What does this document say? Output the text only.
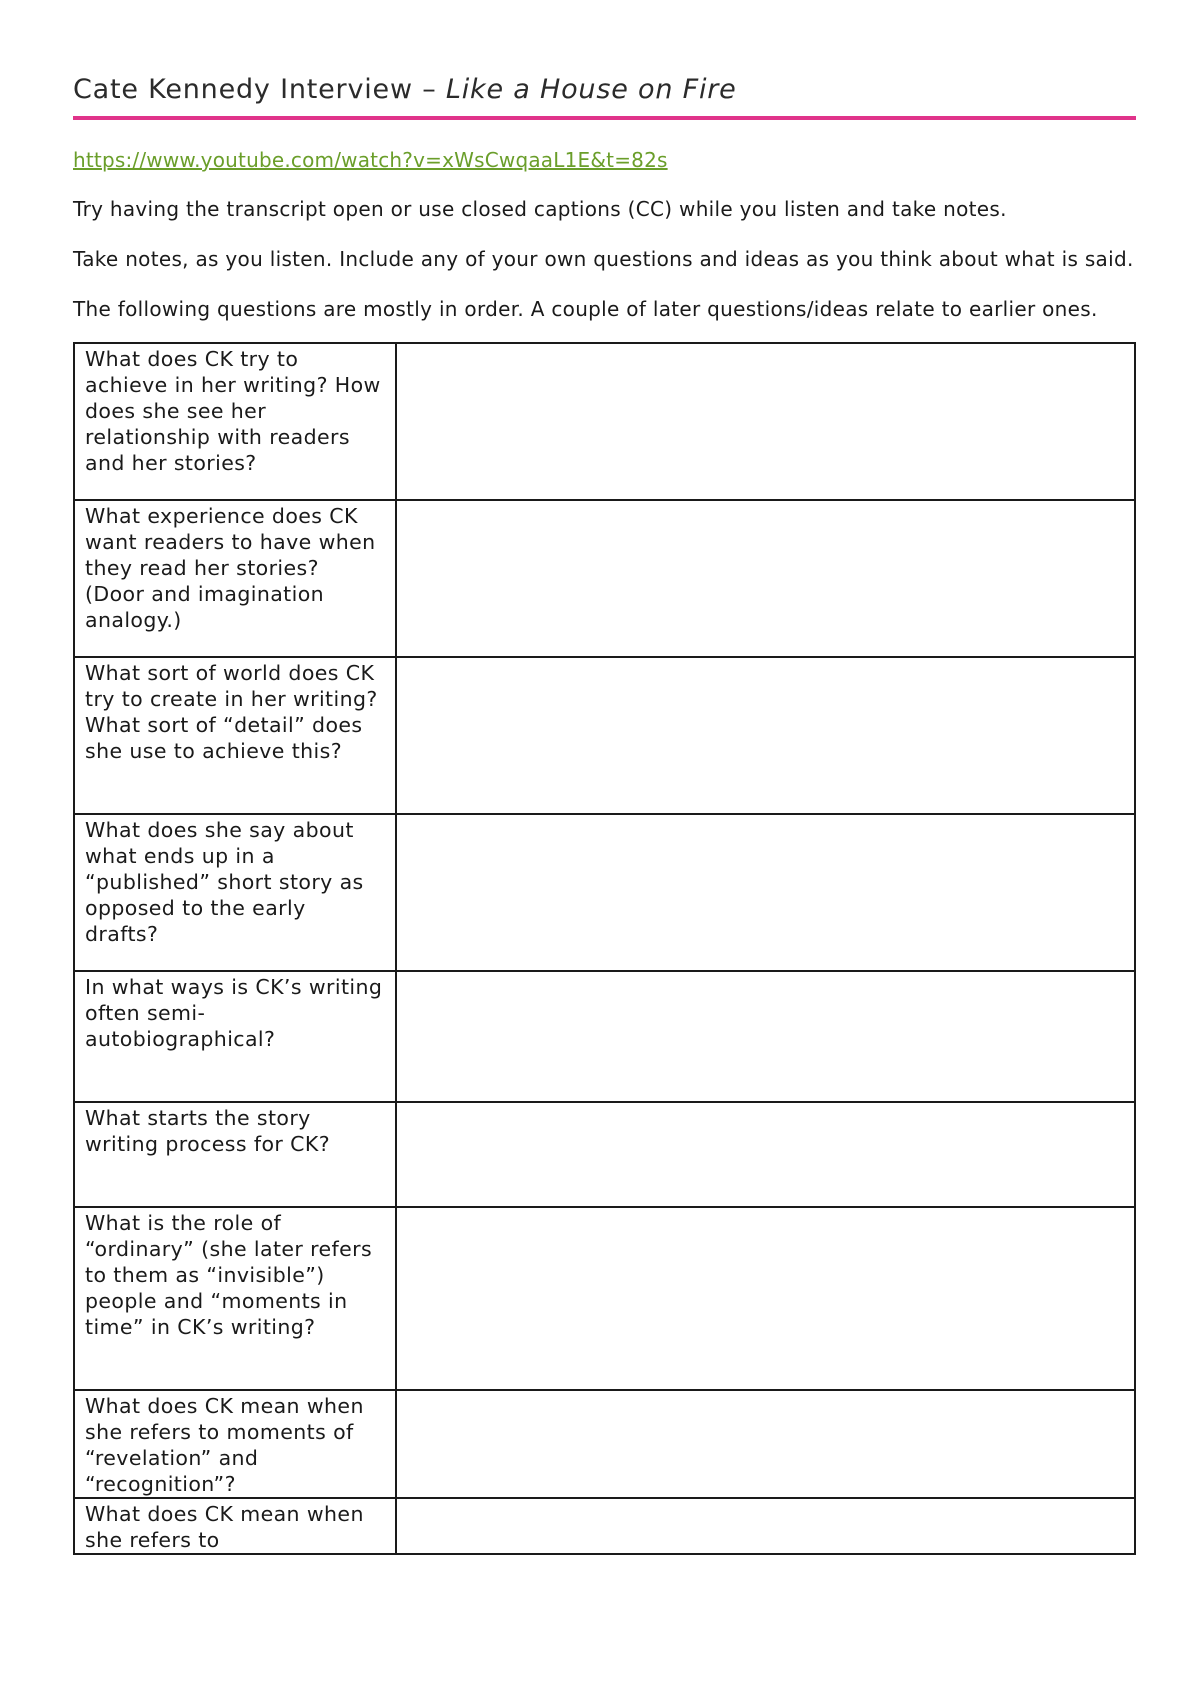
Cate Kennedy Interview – Like a House on Fire
https://www.youtube.com/watch?v=xWsCwqaaL1E&t=82s

Try having the transcript open or use closed captions (CC) while you listen and take notes.

Take notes, as you listen. Include any of your own questions and ideas as you think about what is said.

The following questions are mostly in order. A couple of later questions/ideas relate to earlier ones.

What does CK try to achieve in her writing? How does she see her relationship with readers and her stories?	
What experience does CK want readers to have when they read her stories? (Door and imagination analogy.)	
What sort of world does CK try to create in her writing? What sort of “detail” does she use to achieve this?	
What does she say about what ends up in a “published” short story as opposed to the early drafts?	
In what ways is CK’s writing often semi-autobiographical?	
What starts the story writing process for CK?	
What is the role of “ordinary” (she later refers to them as “invisible”) people and “moments in time” in CK’s writing?	
What does CK mean when she refers to moments of “revelation” and “recognition”?	
What does CK mean when she refers to	
